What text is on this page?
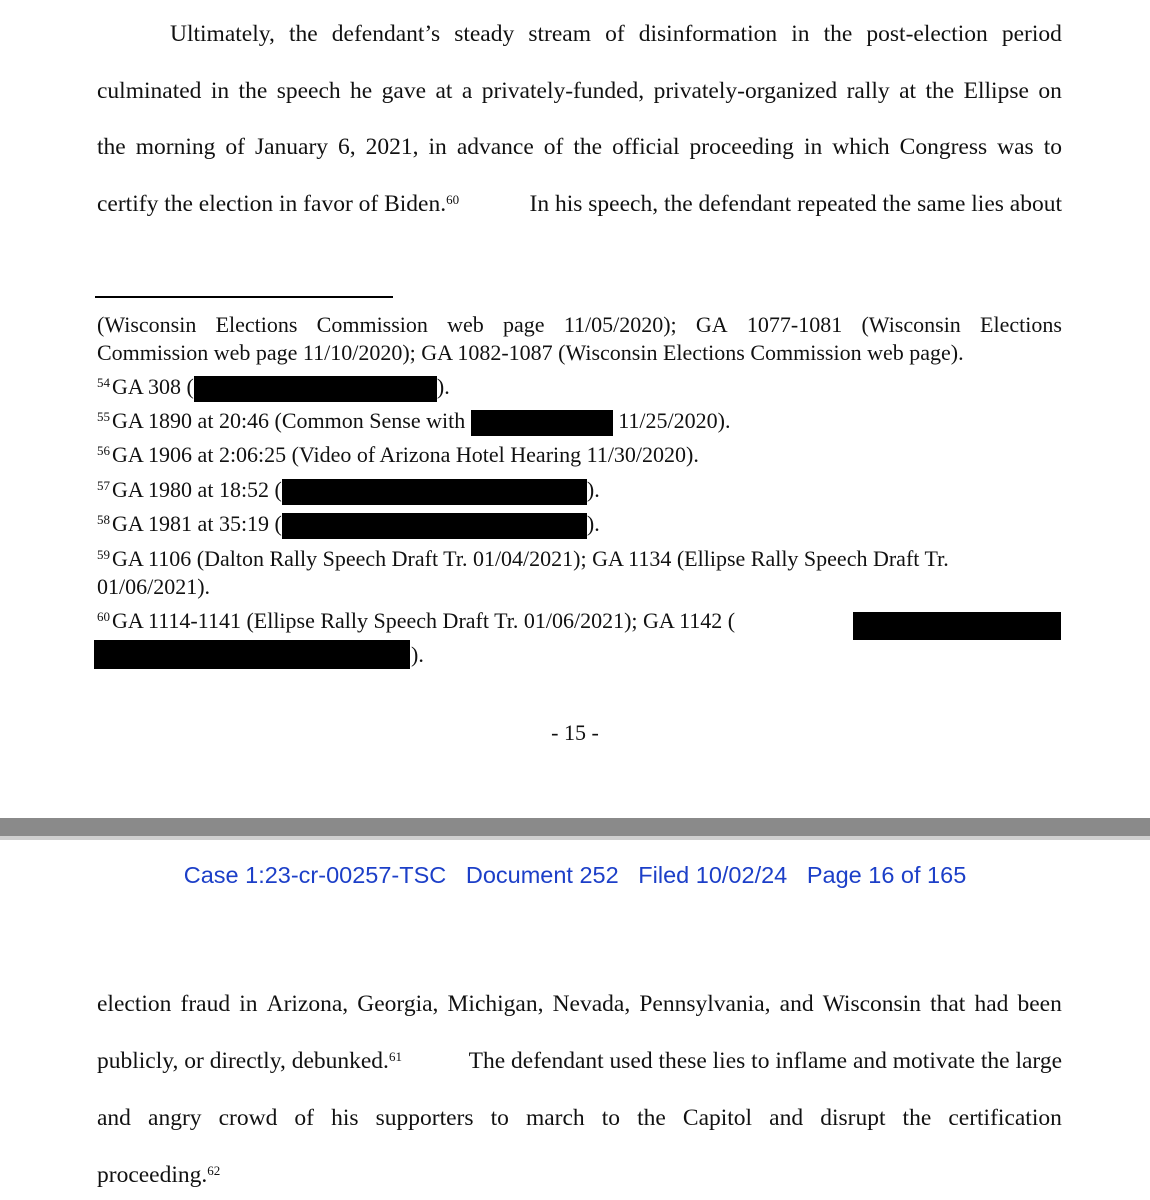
Ultimately, the defendant’s steady stream of disinformation in the post-election period
culminated in the speech he gave at a privately-funded, privately-organized rally at the Ellipse on
the morning of January 6, 2021, in advance of the official proceeding in which Congress was to
certify the election in favor of Biden.$^{60}$	In his speech, the defendant repeated the same lies about
(Wisconsin Elections Commission web page 11/05/2020); GA 1077-1081 (Wisconsin Elections
Commission web page 11/10/2020); GA 1082-1087 (Wisconsin Elections Commission web page).
$^{54}$GA 308 (	).
$^{55}$GA 1890 at 20:46 (Common Sense with	11/25/2020).
$^{56}$GA 1906 at 2:06:25 (Video of Arizona Hotel Hearing 11/30/2020).
$^{57}$GA 1980 at 18:52 (	).
$^{58}$GA 1981 at 35:19 (	).
$^{59}$GA 1106 (Dalton Rally Speech Draft Tr. 01/04/2021); GA 1134 (Ellipse Rally Speech Draft Tr.
01/06/2021).
$^{60}$GA 1114-1141 (Ellipse Rally Speech Draft Tr. 01/06/2021); GA 1142 (
).
- 15 -
Case 1:23-cr-00257-TSC Document 252 Filed 10/02/24 Page 16 of 165
election fraud in Arizona, Georgia, Michigan, Nevada, Pennsylvania, and Wisconsin that had been
publicly, or directly, debunked.$^{61}$	The defendant used these lies to inflame and motivate the large
and angry crowd of his supporters to march to the Capitol and disrupt the certification
proceeding.$^{62}$
